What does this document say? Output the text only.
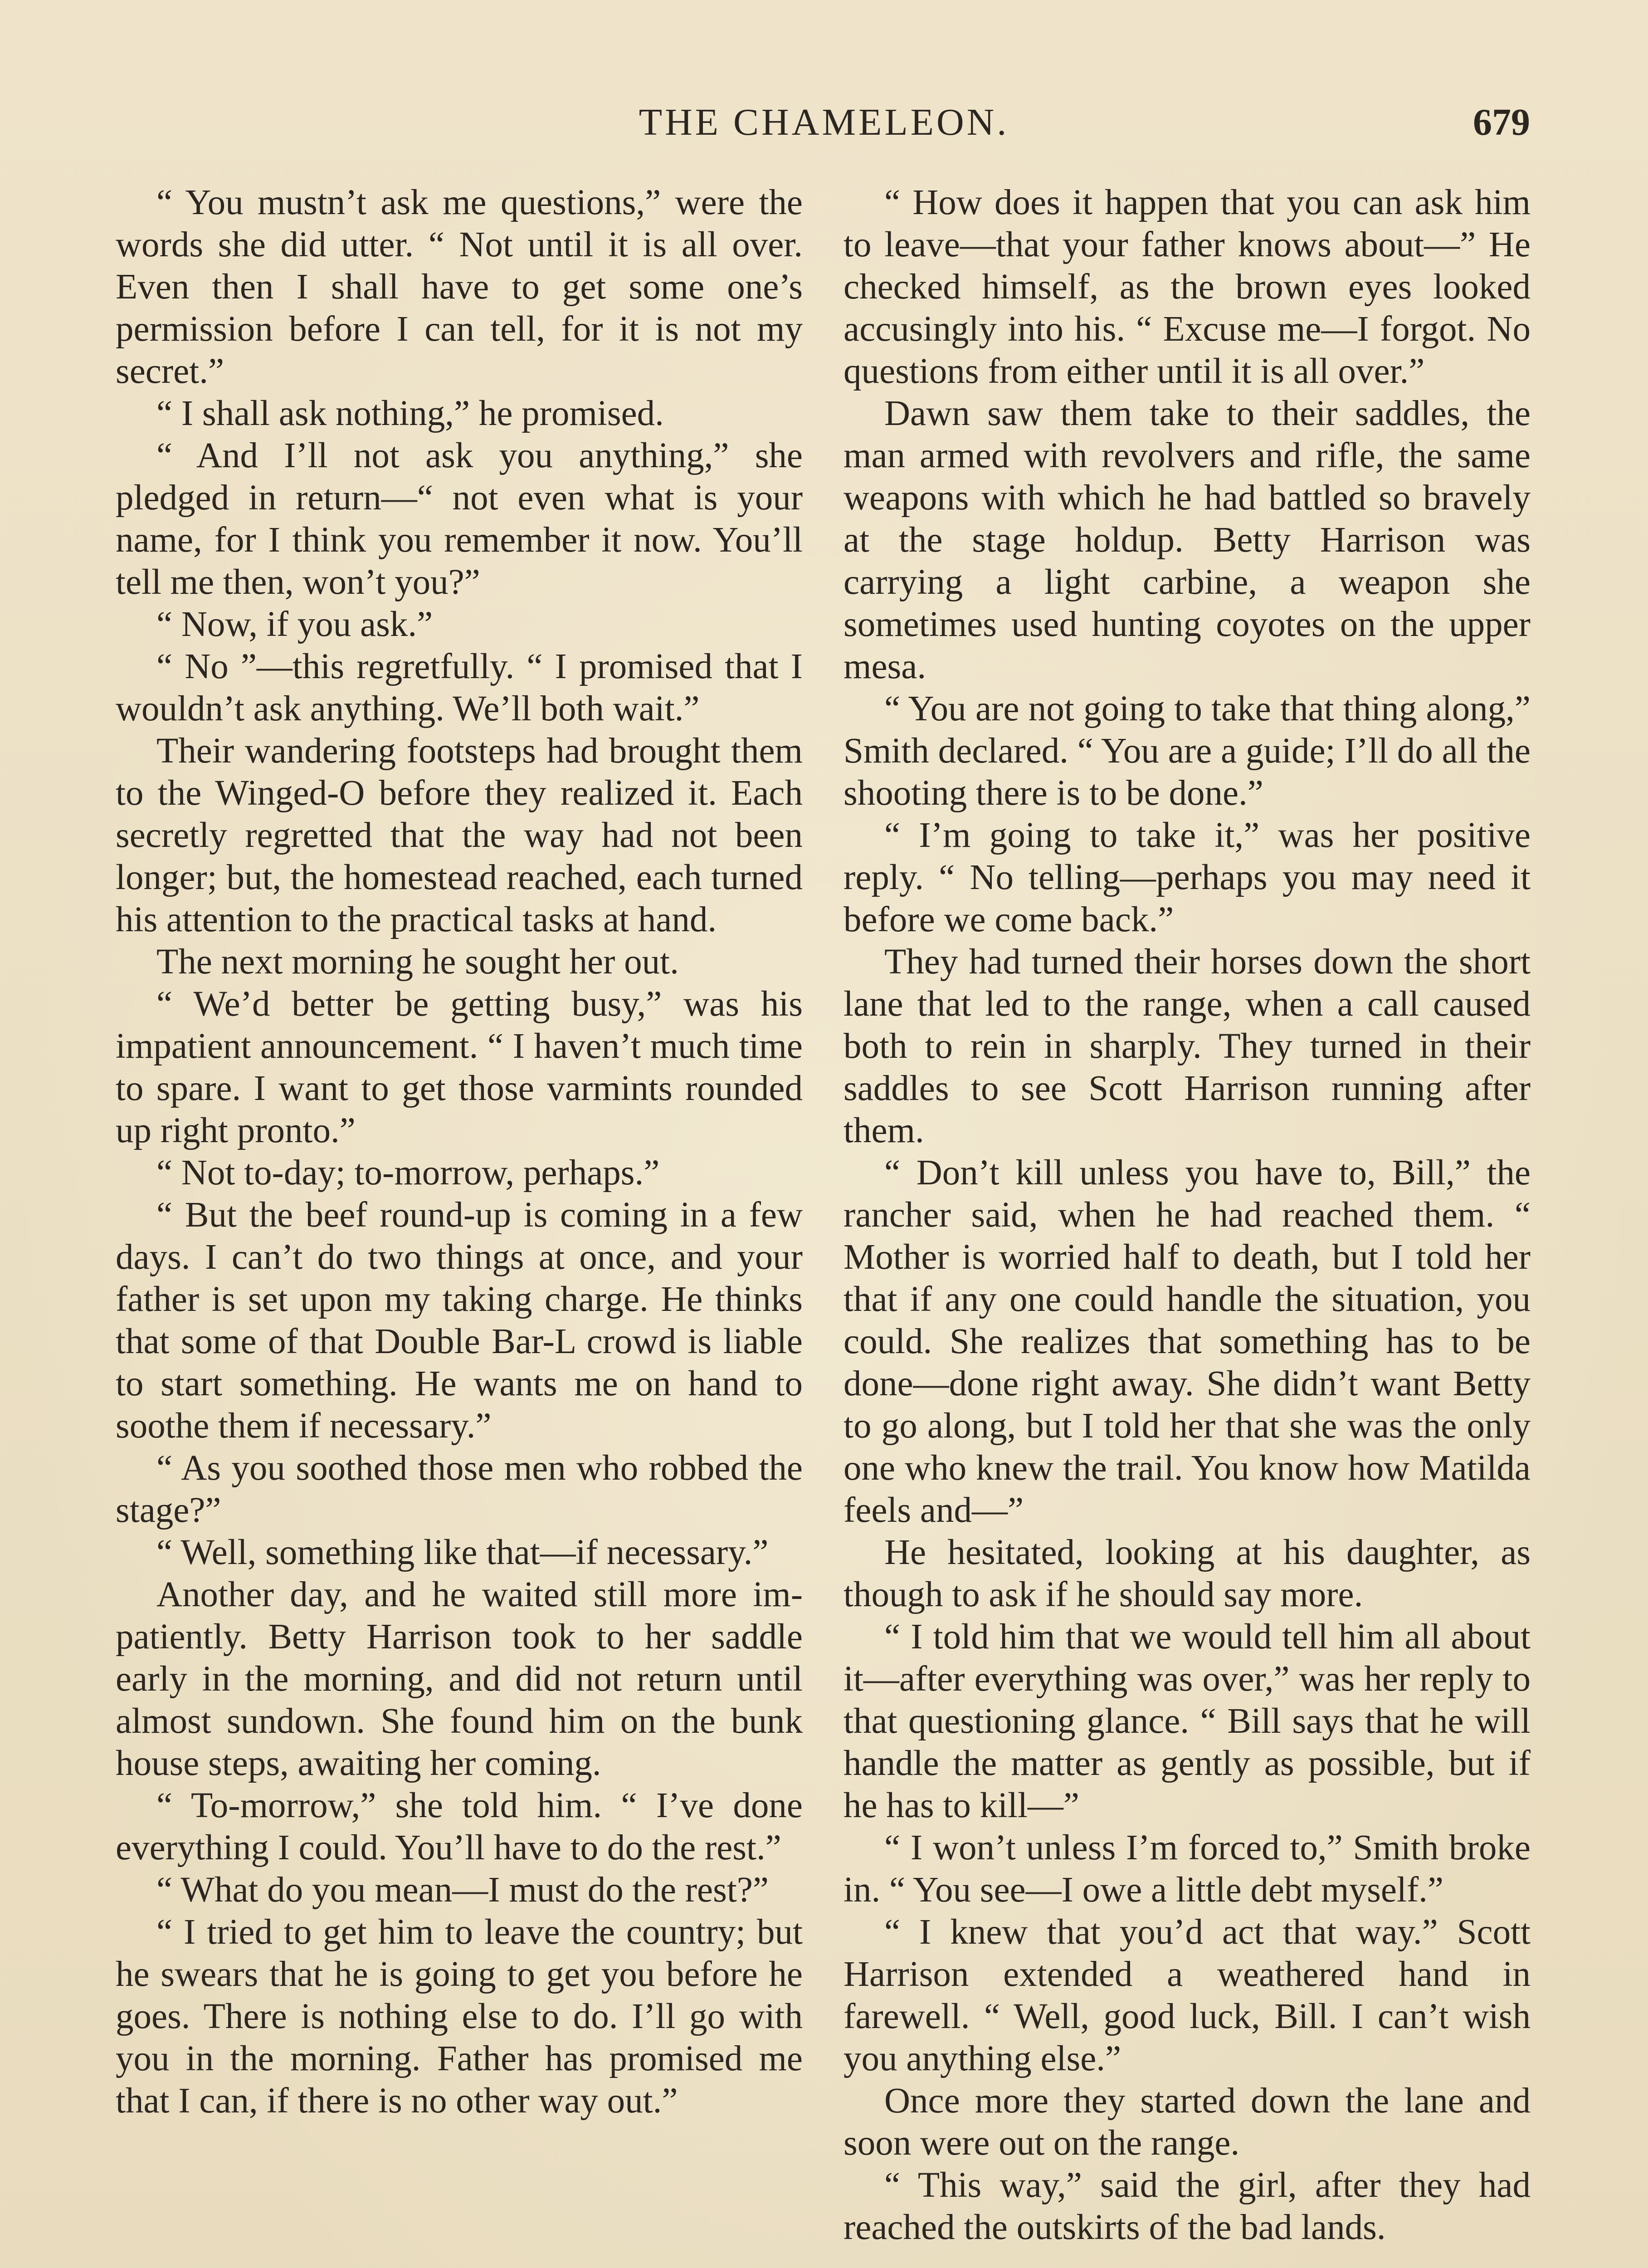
THE CHAMELEON.	679

“ You mustn’t ask me questions,” were the words she did utter. “ Not until it is all over. Even then I shall have to get some one’s permission before I can tell, for it is not my secret.”

“ I shall ask nothing,” he promised.

“ And I’ll not ask you anything,” she pledged in return—“ not even what is your name, for I think you remember it now. You’ll tell me then, won’t you?”

“ Now, if you ask.”

“ No ”—this regretfully. “ I promised that I wouldn’t ask anything. We’ll both wait.”

Their wandering footsteps had brought them to the Winged-O before they realized it. Each secretly regretted that the way had not been longer; but, the homestead reached, each turned his attention to the practical tasks at hand.

The next morning he sought her out.

“ We’d better be getting busy,” was his impatient announcement. “ I haven’t much time to spare. I want to get those varmints rounded up right pronto.”

“ Not to-day; to-morrow, perhaps.”

“ But the beef round-up is coming in a few days. I can’t do two things at once, and your father is set upon my taking charge. He thinks that some of that Double Bar-L crowd is liable to start something. He wants me on hand to soothe them if necessary.”

“ As you soothed those men who robbed the stage?”

“ Well, something like that—if necessary.”

Another day, and he waited still more impatiently. Betty Harrison took to her saddle early in the morning, and did not return until almost sundown. She found him on the bunk house steps, awaiting her coming.

“ To-morrow,” she told him. “ I’ve done everything I could. You’ll have to do the rest.”

“ What do you mean—I must do the rest?”

“ I tried to get him to leave the country; but he swears that he is going to get you before he goes. There is nothing else to do. I’ll go with you in the morning. Father has promised me that I can, if there is no other way out.”

“ How does it happen that you can ask him to leave—that your father knows about—” He checked himself, as the brown eyes looked accusingly into his. “ Excuse me—I forgot. No questions from either until it is all over.”

Dawn saw them take to their saddles, the man armed with revolvers and rifle, the same weapons with which he had battled so bravely at the stage holdup. Betty Harrison was carrying a light carbine, a weapon she sometimes used hunting coyotes on the upper mesa.

“ You are not going to take that thing along,” Smith declared. “ You are a guide; I’ll do all the shooting there is to be done.”

“ I’m going to take it,” was her positive reply. “ No telling—perhaps you may need it before we come back.”

They had turned their horses down the short lane that led to the range, when a call caused both to rein in sharply. They turned in their saddles to see Scott Harrison running after them.

“ Don’t kill unless you have to, Bill,” the rancher said, when he had reached them. “ Mother is worried half to death, but I told her that if any one could handle the situation, you could. She realizes that something has to be done—done right away. She didn’t want Betty to go along, but I told her that she was the only one who knew the trail. You know how Matilda feels and—”

He hesitated, looking at his daughter, as though to ask if he should say more.

“ I told him that we would tell him all about it—after everything was over,” was her reply to that questioning glance. “ Bill says that he will handle the matter as gently as possible, but if he has to kill—”

“ I won’t unless I’m forced to,” Smith broke in. “ You see—I owe a little debt myself.”

“ I knew that you’d act that way.” Scott Harrison extended a weathered hand in farewell. “ Well, good luck, Bill. I can’t wish you anything else.”

Once more they started down the lane and soon were out on the range.

“ This way,” said the girl, after they had reached the outskirts of the bad lands.
